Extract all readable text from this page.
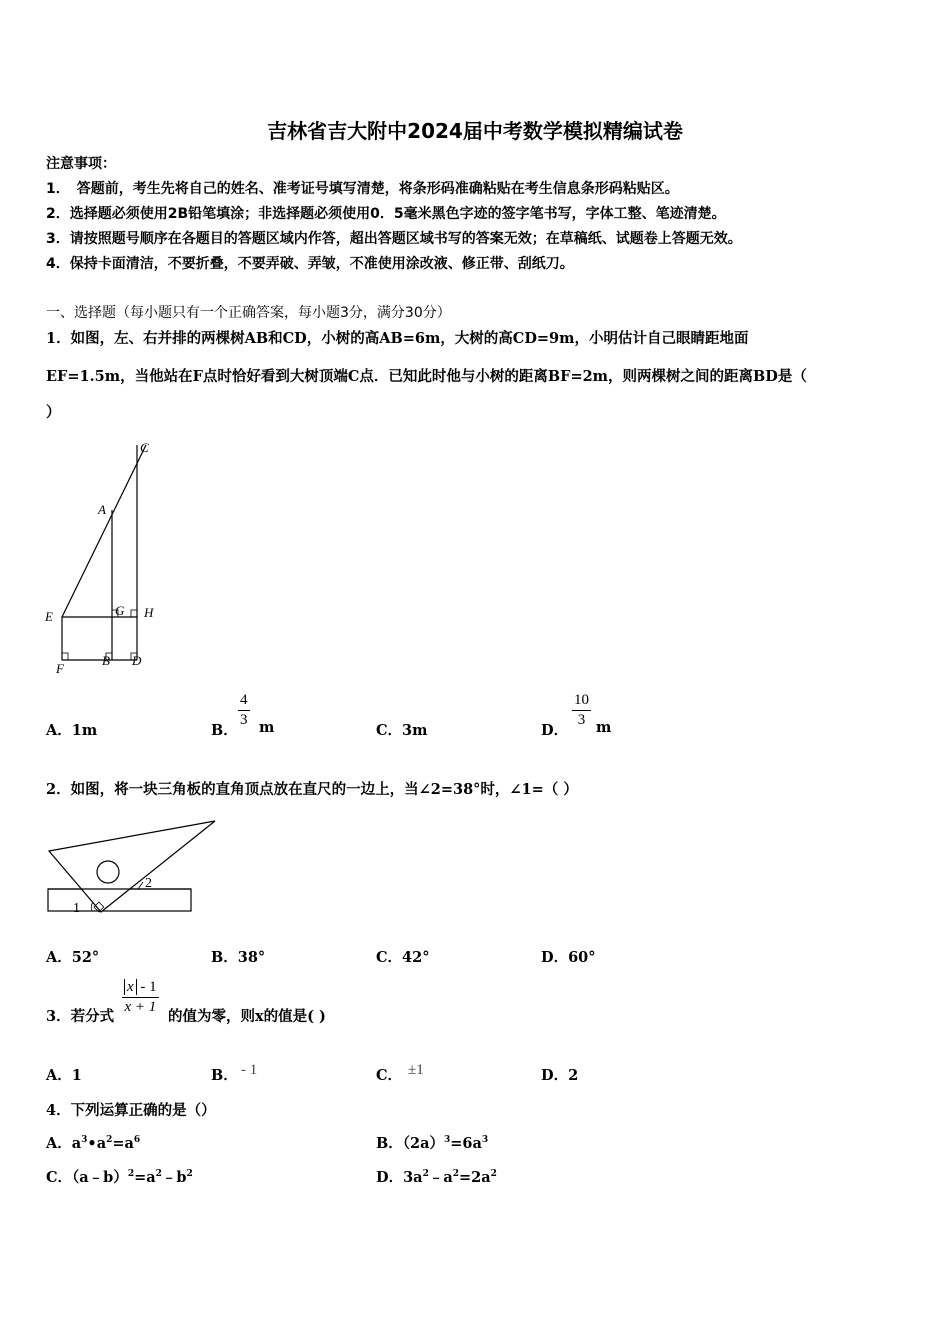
吉林省吉大附中2024届中考数学模拟精编试卷
注意事项：
1．　答题前，考生先将自己的姓名、准考证号填写清楚，将条形码准确粘贴在考生信息条形码粘贴区。
2．选择题必须使用2B铅笔填涂；非选择题必须使用0．5毫米黑色字迹的签字笔书写，字体工整、笔迹清楚。
3．请按照题号顺序在各题目的答题区域内作答，超出答题区域书写的答案无效；在草稿纸、试题卷上答题无效。
4．保持卡面清洁，不要折叠，不要弄破、弄皱，不准使用涂改液、修正带、刮纸刀。
一、选择题（每小题只有一个正确答案，每小题3分，满分30分）
1．如图，左、右并排的两棵树AB和CD，小树的高AB=6m，大树的高CD=9m，小明估计自己眼睛距地面
EF=1.5m，当他站在F点时恰好看到大树顶端C点．已知此时他与小树的距离BF=2m，则两棵树之间的距离BD是（
）
C
A
E	G H
F
B D
A．1m	B．
4
3 m	C．3m	D．
10
3 m
2．如图，将一块三角板的直角顶点放在直尺的一边上，当∠2=38°时，∠1=（ ）
1
2
A．52°	B．38°	C．42°	D．60°
3．若分式
x - 1
x + 1
的值为零，则x的值是( )
A．1	B． - 1	C． ±1	D．2
4．下列运算正确的是（）
A．$a^3•a^2=a^6$	B．$(2a)^3=6a^3$
C．$(a﹣b)^2=a^2﹣b^2$	D．$3a^2﹣a^2=2a^2$
